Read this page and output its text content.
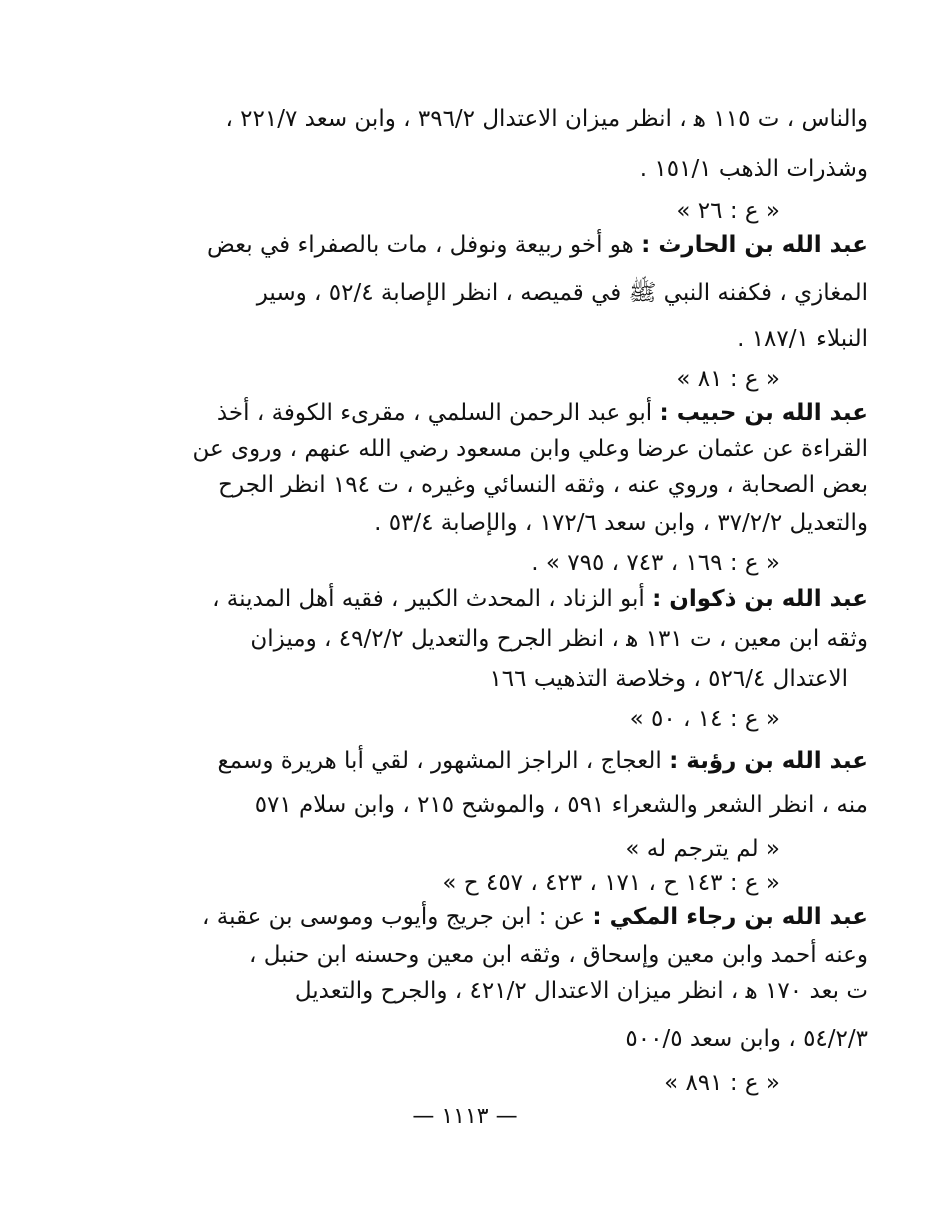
والناس ، ت ١١٥ ﻫ ، انظر ميزان الاعتدال ٣٩٦/٢ ، وابن سعد ٢٢١/٧ ،
وشذرات الذهب ١٥١/١ .
« ع : ٢٦ »
عبد الله بن الحارث : هو أخو ربيعة ونوفل ، مات بالصفراء في بعض
المغازي ، فكفنه النبي ﷺ في قميصه ، انظر الإصابة ٥٢/٤ ، وسير
النبلاء ١٨٧/١ .
« ع : ٨١ »
عبد الله بن حبيب : أبو عبد الرحمن السلمي ، مقرىء الكوفة ، أخذ
القراءة عن عثمان عرضا وعلي وابن مسعود رضي الله عنهم ، وروى عن
بعض الصحابة ، وروي عنه ، وثقه النسائي وغيره ، ت ١٩٤ انظر الجرح
والتعديل ٣٧/٢/٢ ، وابن سعد ١٧٢/٦ ، والإصابة ٥٣/٤ .
« ع : ١٦٩ ، ٧٤٣ ، ٧٩٥ » .
عبد الله بن ذكوان : أبو الزناد ، المحدث الكبير ، فقيه أهل المدينة ،
وثقه ابن معين ، ت ١٣١ ﻫ ، انظر الجرح والتعديل ٤٩/٢/٢ ، وميزان
الاعتدال ٥٢٦/٤ ، وخلاصة التذهيب ١٦٦
« ع : ١٤ ، ٥٠ »
عبد الله بن رؤبة : العجاج ، الراجز المشهور ، لقي أبا هريرة وسمع
منه ، انظر الشعر والشعراء ٥٩١ ، والموشح ٢١٥ ، وابن سلام ٥٧١
« لم يترجم له »
« ع : ١٤٣ ح ، ١٧١ ، ٤٢٣ ، ٤٥٧ ح »
عبد الله بن رجاء المكي : عن : ابن جريج وأيوب وموسى بن عقبة ،
وعنه أحمد وابن معين وإسحاق ، وثقه ابن معين وحسنه ابن حنبل ،
ت بعد ١٧٠ ﻫ ، انظر ميزان الاعتدال ٤٢١/٢ ، والجرح والتعديل
٥٤/٢/٣ ، وابن سعد ٥٠٠/٥
« ع : ٨٩١ »
— ١١١٣ —
